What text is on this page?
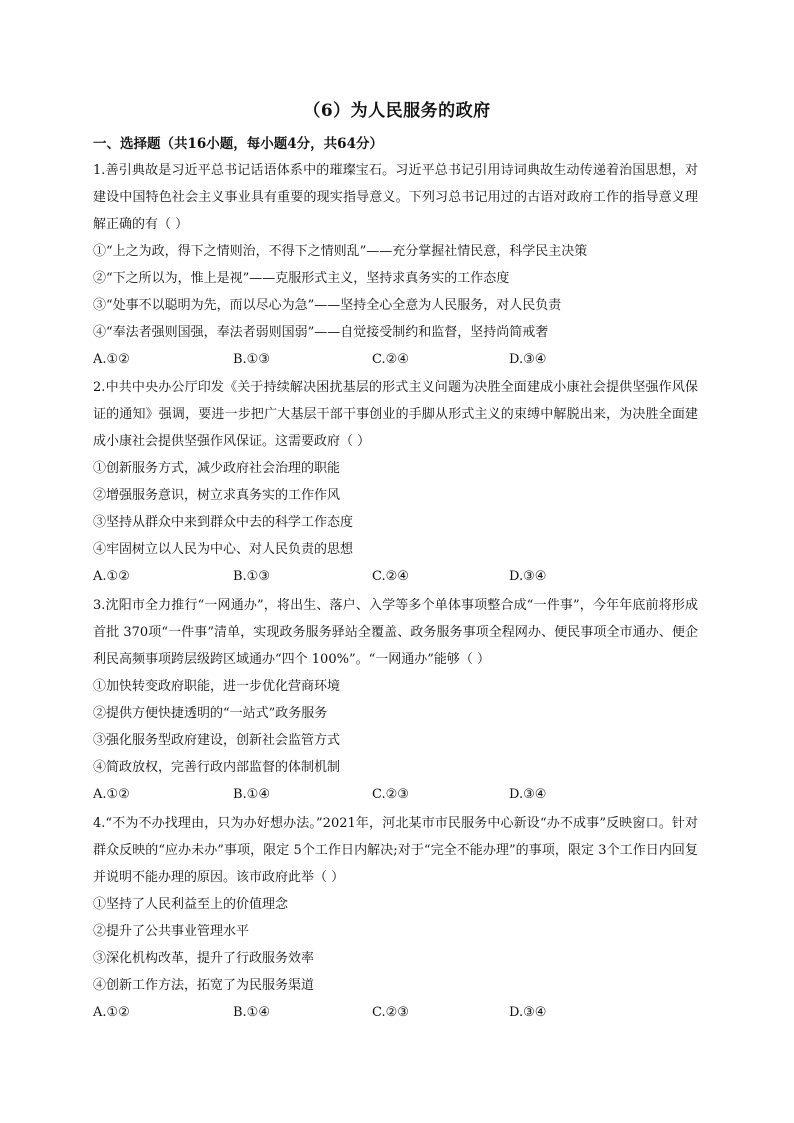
（6）为人民服务的政府
一、选择题（共16小题，每小题4分，共64分）

1.善引典故是习近平总书记话语体系中的璀璨宝石。习近平总书记引用诗词典故生动传递着治国思想，对建设中国特色社会主义事业具有重要的现实指导意义。下列习总书记用过的古语对政府工作的指导意义理解正确的有（ ）

①“上之为政，得下之情则治，不得下之情则乱”——充分掌握社情民意，科学民主决策

②“下之所以为，惟上是视”——克服形式主义，坚持求真务实的工作态度

③“处事不以聪明为先，而以尽心为急”——坚持全心全意为人民服务，对人民负责

④“奉法者强则国强，奉法者弱则国弱”——自觉接受制约和监督，坚持尚简戒奢

A.①②	B.①③	C.②④	D.③④

2.中共中央办公厅印发《关于持续解决困扰基层的形式主义问题为决胜全面建成小康社会提供坚强作风保证的通知》强调，要进一步把广大基层干部干事创业的手脚从形式主义的束缚中解脱出来，为决胜全面建成小康社会提供坚强作风保证。这需要政府（ ）

①创新服务方式，减少政府社会治理的职能

②增强服务意识，树立求真务实的工作作风

③坚持从群众中来到群众中去的科学工作态度

④牢固树立以人民为中心、对人民负责的思想

A.①②	B.①③	C.②④	D.③④

3.沈阳市全力推行“一网通办”，将出生、落户、入学等多个单体事项整合成“一件事”，今年年底前将形成首批 370项“一件事”清单，实现政务服务驿站全覆盖、政务服务事项全程网办、便民事项全市通办、便企利民高频事项跨层级跨区域通办“四个 100%”。“一网通办”能够（ ）

①加快转变政府职能，进一步优化营商环境

②提供方便快捷透明的“一站式”政务服务

③强化服务型政府建设，创新社会监管方式

④简政放权，完善行政内部监督的体制机制

A.①②	B.①④	C.②③	D.③④

4.“不为不办找理由，只为办好想办法。”2021年，河北某市市民服务中心新设“办不成事”反映窗口。针对群众反映的“应办未办”事项，限定 5个工作日内解决;对于“完全不能办理”的事项，限定 3个工作日内回复并说明不能办理的原因。该市政府此举（ ）

①坚持了人民利益至上的价值理念

②提升了公共事业管理水平

③深化机构改革，提升了行政服务效率

④创新工作方法，拓宽了为民服务渠道

A.①②	B.①④	C.②③	D.③④
